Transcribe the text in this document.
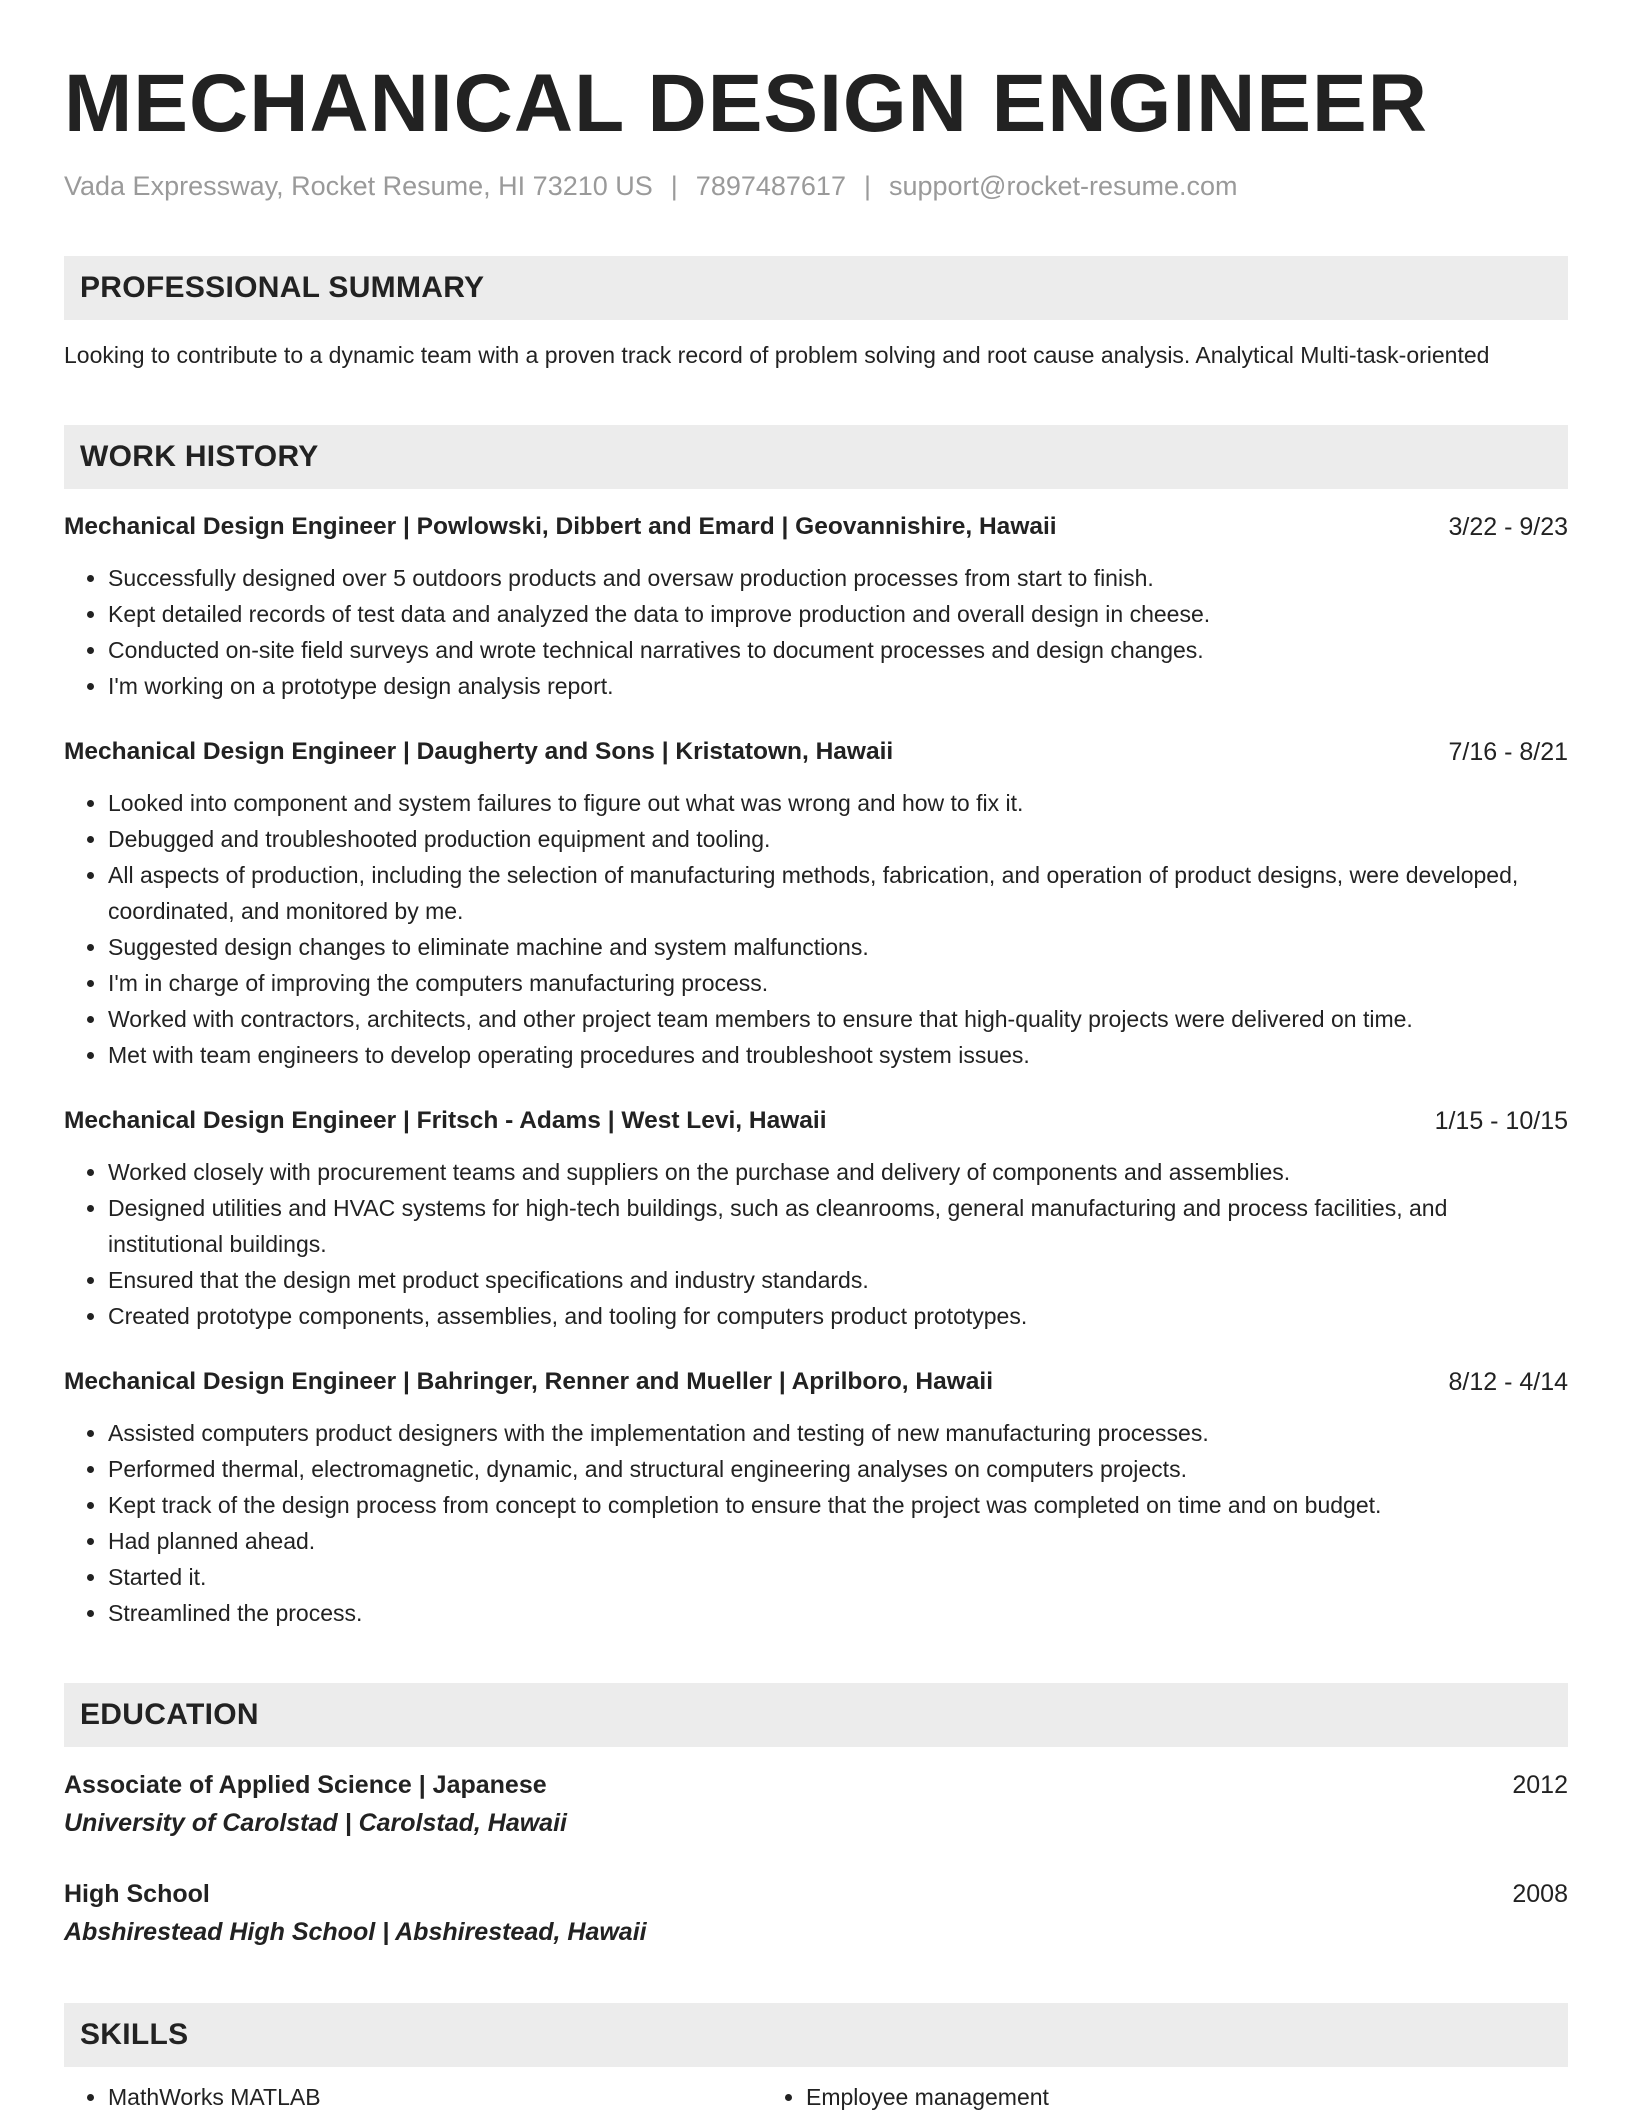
MECHANICAL DESIGN ENGINEER
Vada Expressway, Rocket Resume, HI 73210 US | 7897487617 | support@rocket-resume.com
PROFESSIONAL SUMMARY
Looking to contribute to a dynamic team with a proven track record of problem solving and root cause analysis. Analytical Multi-task-oriented
WORK HISTORY
Mechanical Design Engineer | Powlowski, Dibbert and Emard | Geovannishire, Hawaii	3/22 - 9/23
• Successfully designed over 5 outdoors products and oversaw production processes from start to finish.
• Kept detailed records of test data and analyzed the data to improve production and overall design in cheese.
• Conducted on-site field surveys and wrote technical narratives to document processes and design changes.
• I'm working on a prototype design analysis report.
Mechanical Design Engineer | Daugherty and Sons | Kristatown, Hawaii	7/16 - 8/21
• Looked into component and system failures to figure out what was wrong and how to fix it.
• Debugged and troubleshooted production equipment and tooling.
• All aspects of production, including the selection of manufacturing methods, fabrication, and operation of product designs, were developed, coordinated, and monitored by me.
• Suggested design changes to eliminate machine and system malfunctions.
• I'm in charge of improving the computers manufacturing process.
• Worked with contractors, architects, and other project team members to ensure that high-quality projects were delivered on time.
• Met with team engineers to develop operating procedures and troubleshoot system issues.
Mechanical Design Engineer | Fritsch - Adams | West Levi, Hawaii	1/15 - 10/15
• Worked closely with procurement teams and suppliers on the purchase and delivery of components and assemblies.
• Designed utilities and HVAC systems for high-tech buildings, such as cleanrooms, general manufacturing and process facilities, and institutional buildings.
• Ensured that the design met product specifications and industry standards.
• Created prototype components, assemblies, and tooling for computers product prototypes.
Mechanical Design Engineer | Bahringer, Renner and Mueller | Aprilboro, Hawaii	8/12 - 4/14
• Assisted computers product designers with the implementation and testing of new manufacturing processes.
• Performed thermal, electromagnetic, dynamic, and structural engineering analyses on computers projects.
• Kept track of the design process from concept to completion to ensure that the project was completed on time and on budget.
• Had planned ahead.
• Started it.
• Streamlined the process.
EDUCATION
Associate of Applied Science | Japanese	2012
University of Carolstad | Carolstad, Hawaii
High School	2008
Abshirestead High School | Abshirestead, Hawaii
SKILLS
• MathWorks MATLAB
•	Employee management
